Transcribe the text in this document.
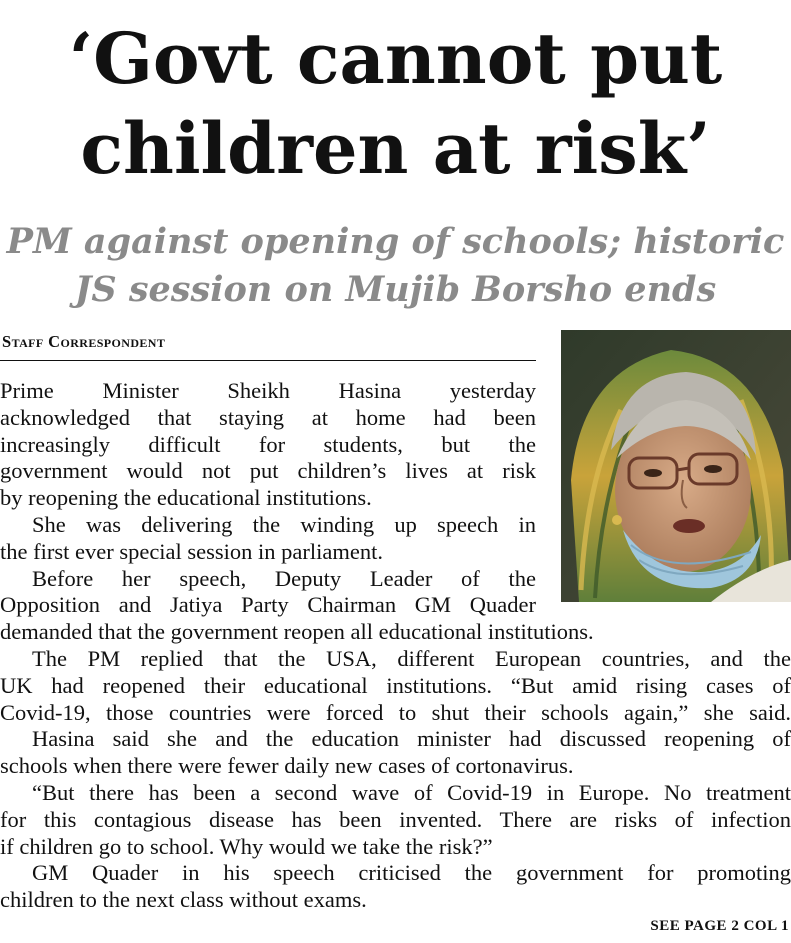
‘Govt cannot put
children at risk’
PM against opening of schools; historic
JS session on Mujib Borsho ends
Staff Correspondent
Prime Minister Sheikh Hasina yesterday
acknowledged that staying at home had been
increasingly difficult for students, but the
government would not put children’s lives at risk
by reopening the educational institutions.
She was delivering the winding up speech in
the first ever special session in parliament.
Before her speech, Deputy Leader of the
Opposition and Jatiya Party Chairman GM Quader
demanded that the government reopen all educational institutions.
The PM replied that the USA, different European countries, and the
UK had reopened their educational institutions. “But amid rising cases of
Covid-19, those countries were forced to shut their schools again,” she said.
Hasina said she and the education minister had discussed reopening of
schools when there were fewer daily new cases of cortonavirus.
“But there has been a second wave of Covid-19 in Europe. No treatment
for this contagious disease has been invented. There are risks of infection
if children go to school. Why would we take the risk?”
GM Quader in his speech criticised the government for promoting
children to the next class without exams.
SEE PAGE 2 COL 1
